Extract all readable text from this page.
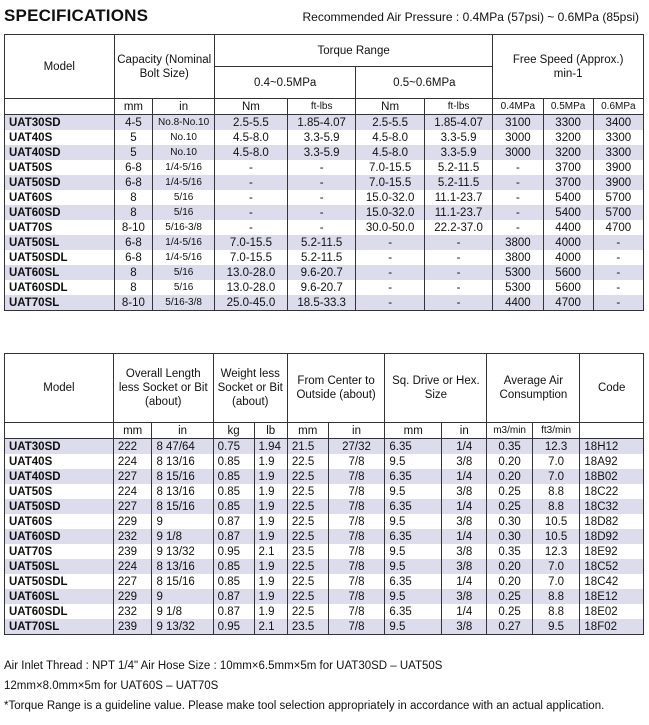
SPECIFICATIONS	Recommended Air Pressure : 0.4MPa (57psi) ~ 0.6MPa (85psi)
Model	Capacity (Nominal Bolt Size)		Torque Range				Free Speed (Approx.)
min-1		
			0.4~0.5MPa		0.5~0.6MPa				
	mm	in	Nm	ft-lbs	Nm	ft-lbs	0.4MPa	0.5MPa	0.6MPa
UAT30SD	4-5	No.8-No.10	2.5-5.5	1.85-4.07	2.5-5.5	1.85-4.07	3100	3300	3400
UAT40S	5	No.10	4.5-8.0	3.3-5.9	4.5-8.0	3.3-5.9	3000	3200	3300
UAT40SD	5	No.10	4.5-8.0	3.3-5.9	4.5-8.0	3.3-5.9	3000	3200	3300
UAT50S	6-8	1/4-5/16	-	-	7.0-15.5	5.2-11.5	-	3700	3900
UAT50SD	6-8	1/4-5/16	-	-	7.0-15.5	5.2-11.5	-	3700	3900
UAT60S	8	5/16	-	-	15.0-32.0	11.1-23.7	-	5400	5700
UAT60SD	8	5/16	-	-	15.0-32.0	11.1-23.7	-	5400	5700
UAT70S	8-10	5/16-3/8	-	-	30.0-50.0	22.2-37.0	-	4400	4700
UAT50SL	6-8	1/4-5/16	7.0-15.5	5.2-11.5	-	-	3800	4000	-
UAT50SDL	6-8	1/4-5/16	7.0-15.5	5.2-11.5	-	-	3800	4000	-
UAT60SL	8	5/16	13.0-28.0	9.6-20.7	-	-	5300	5600	-
UAT60SDL	8	5/16	13.0-28.0	9.6-20.7	-	-	5300	5600	-
UAT70SL	8-10	5/16-3/8	25.0-45.0	18.5-33.3	-	-	4400	4700	-
Model	Overall Length less Socket or Bit (about)		Weight less Socket or Bit (about)		From Center to Outside (about)		Sq. Drive or Hex. Size		Average Air Consumption		Code
	mm	in	kg	lb	mm	in	mm	in	m3/min	ft3/min	
UAT30SD	222	8 47/64	0.75	1.94	21.5	27/32	6.35	1/4	0.35	12.3	18H12
UAT40S	224	8 13/16	0.85	1.9	22.5	7/8	9.5	3/8	0.20	7.0	18A92
UAT40SD	227	8 15/16	0.85	1.9	22.5	7/8	6.35	1/4	0.20	7.0	18B02
UAT50S	224	8 13/16	0.85	1.9	22.5	7/8	9.5	3/8	0.25	8.8	18C22
UAT50SD	227	8 15/16	0.85	1.9	22.5	7/8	6.35	1/4	0.25	8.8	18C32
UAT60S	229	9	0.87	1.9	22.5	7/8	9.5	3/8	0.30	10.5	18D82
UAT60SD	232	9 1/8	0.87	1.9	22.5	7/8	6.35	1/4	0.30	10.5	18D92
UAT70S	239	9 13/32	0.95	2.1	23.5	7/8	9.5	3/8	0.35	12.3	18E92
UAT50SL	224	8 13/16	0.85	1.9	22.5	7/8	9.5	3/8	0.20	7.0	18C52
UAT50SDL	227	8 15/16	0.85	1.9	22.5	7/8	6.35	1/4	0.20	7.0	18C42
UAT60SL	229	9	0.87	1.9	22.5	7/8	9.5	3/8	0.25	8.8	18E12
UAT60SDL	232	9 1/8	0.87	1.9	22.5	7/8	6.35	1/4	0.25	8.8	18E02
UAT70SL	239	9 13/32	0.95	2.1	23.5	7/8	9.5	3/8	0.27	9.5	18F02
Air Inlet Thread : NPT 1/4" Air Hose Size : 10mm×6.5mm×5m for UAT30SD – UAT50S
12mm×8.0mm×5m for UAT60S – UAT70S
*Torque Range is a guideline value. Please make tool selection appropriately in accordance with an actual application.
